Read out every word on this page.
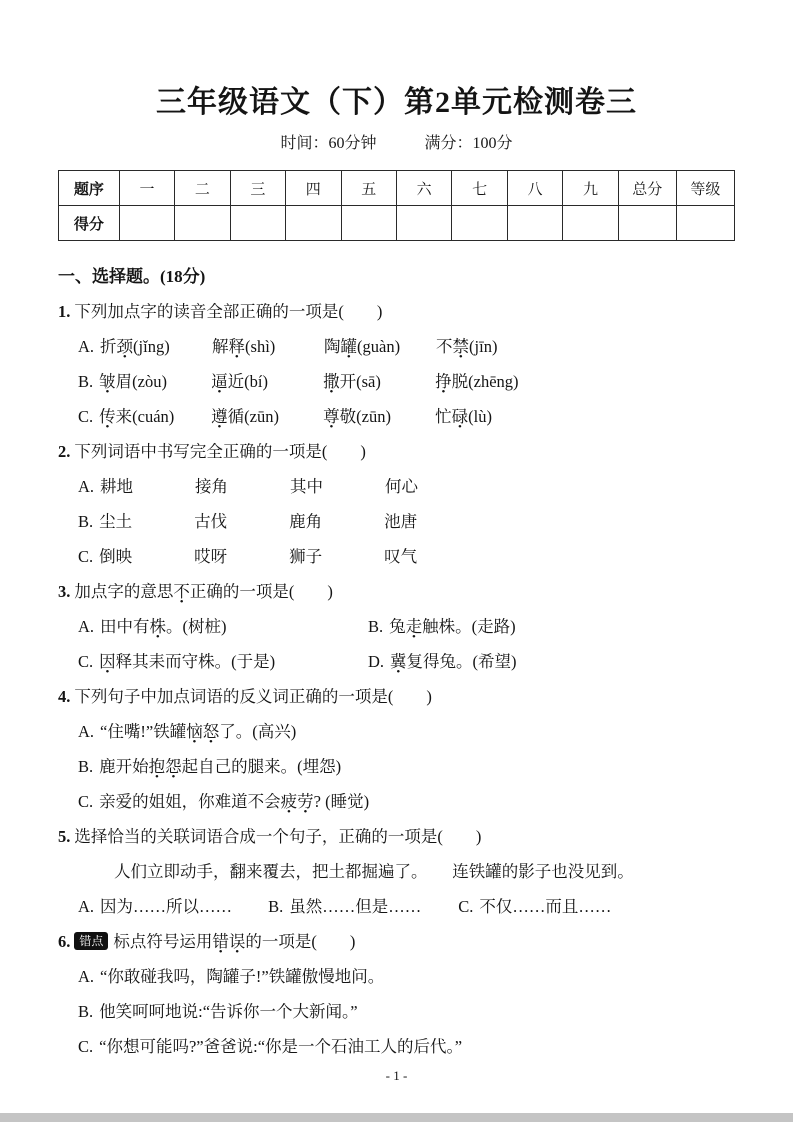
三年级语文（下）第2单元检测卷三
时间：60分钟　　　满分：100分
题序	一	二	三	四	五	六	七	八	九	总分	等级
得分											
一、选择题。(18分)
1. 下列加点字的读音全部正确的一项是(　　)
A. 折颈(jǐng)	解释(shì)	陶罐(guàn) 不禁(jīn)
B. 皱眉(zòu)	逼近(bí)	撒开(sā)	挣脱(zhēng)
C. 传来(cuán) 遵循(zūn)	尊敬(zūn)	忙碌(lù)
2. 下列词语中书写完全正确的一项是(　　)
A. 耕地	接角	其中	何心
B. 尘土	古伐	鹿角	池唐
C. 倒映	哎呀	狮子	叹气
3. 加点字的意思不正确的一项是(　　)
A. 田中有株。(树桩)	B. 兔走触株。(走路)
C. 因释其耒而守株。(于是)	D. 冀复得兔。(希望)
4. 下列句子中加点词语的反义词正确的一项是(　　)
A. “住嘴!”铁罐恼怒了。(高兴)
B. 鹿开始抱怨起自己的腿来。(埋怨)
C. 亲爱的姐姐，你难道不会疲劳? (睡觉)
5. 选择恰当的关联词语合成一个句子，正确的一项是(　　)
人们立即动手，翻来覆去，把土都掘遍了。　　连铁罐的影子也没见到。
A. 因为……所以…… B. 虽然……但是…… C. 不仅……而且……
6. 错点 标点符号运用错误的一项是(　　)
A. “你敢碰我吗，陶罐子!”铁罐傲慢地问。
B. 他笑呵呵地说:“告诉你一个大新闻。”
C. “你想可能吗?”爸爸说:“你是一个石油工人的后代。”
- 1 -
